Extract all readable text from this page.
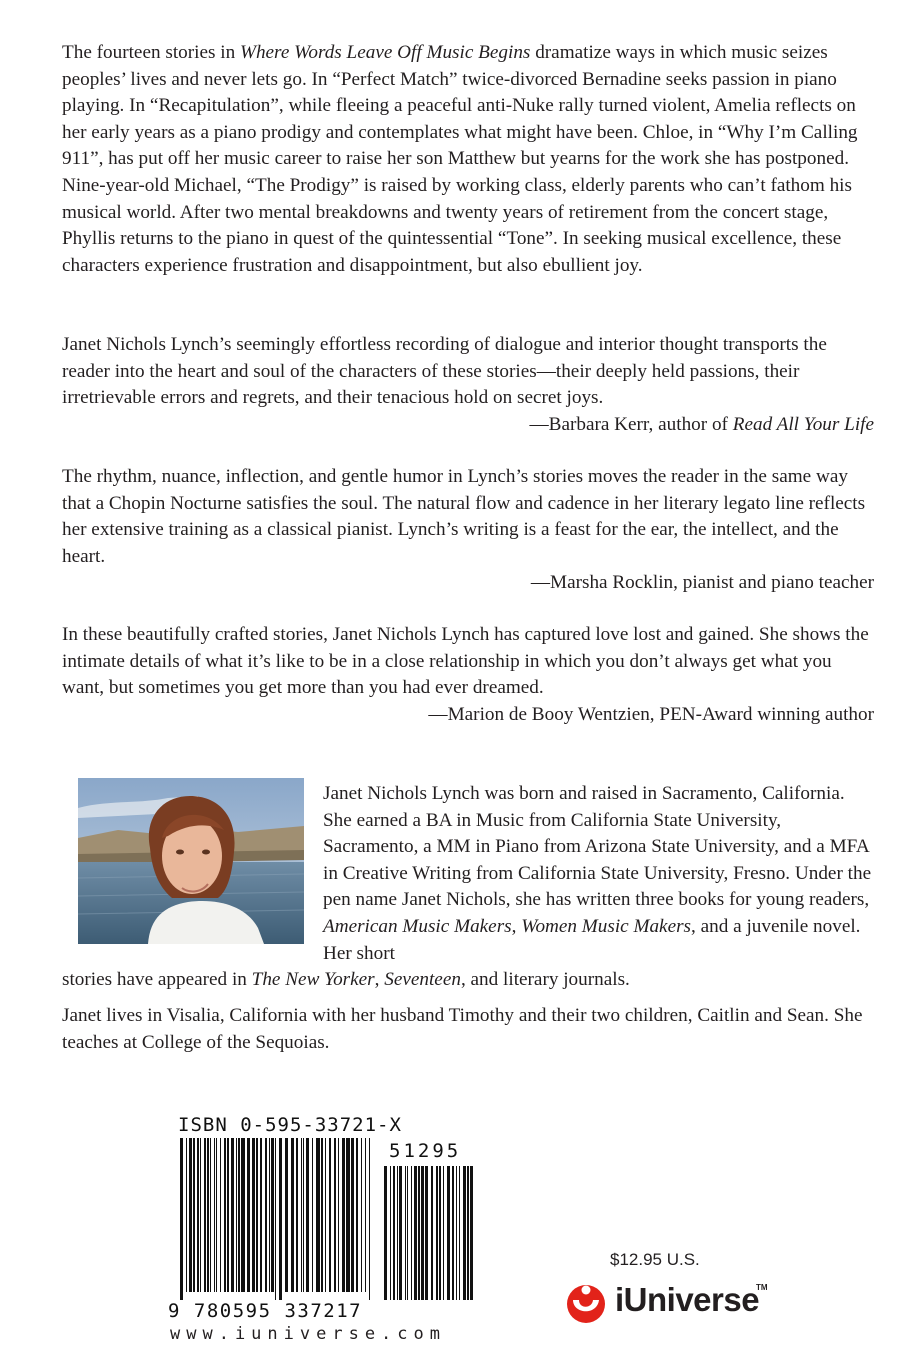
The fourteen stories in Where Words Leave Off Music Begins dramatize ways in which music seizes peoples’ lives and never lets go. In “Perfect Match” twice-divorced Bernadine seeks passion in piano playing. In “Recapitulation”, while fleeing a peaceful anti-Nuke rally turned violent, Amelia reflects on her early years as a piano prodigy and contemplates what might have been. Chloe, in “Why I’m Calling 911”, has put off her music career to raise her son Matthew but yearns for the work she has postponed. Nine-year-old Michael, “The Prodigy” is raised by working class, elderly parents who can’t fathom his musical world. After two mental breakdowns and twenty years of retirement from the concert stage, Phyllis returns to the piano in quest of the quintessential “Tone”. In seeking musical excellence, these characters experience frustration and disappointment, but also ebullient joy.

Janet Nichols Lynch’s seemingly effortless recording of dialogue and interior thought transports the reader into the heart and soul of the characters of these stories—their deeply held passions, their irretrievable errors and regrets, and their tenacious hold on secret joys.

—Barbara Kerr, author of Read All Your Life

The rhythm, nuance, inflection, and gentle humor in Lynch’s stories moves the reader in the same way that a Chopin Nocturne satisfies the soul. The natural flow and cadence in her literary legato line reflects her extensive training as a classical pianist. Lynch’s writing is a feast for the ear, the intellect, and the heart.

—Marsha Rocklin, pianist and piano teacher

In these beautifully crafted stories, Janet Nichols Lynch has captured love lost and gained. She shows the intimate details of what it’s like to be in a close relationship in which you don’t always get what you want, but sometimes you get more than you had ever dreamed.

—Marion de Booy Wentzien, PEN-Award winning author

Janet Nichols Lynch was born and raised in Sacramento, California. She earned a BA in Music from California State University, Sacramento, a MM in Piano from Arizona State University, and a MFA in Creative Writing from California State University, Fresno. Under the pen name Janet Nichols, she has written three books for young readers, American Music Makers, Women Music Makers, and a juvenile novel. Her short

stories have appeared in The New Yorker, Seventeen, and literary journals.

Janet lives in Visalia, California with her husband Timothy and their two children, Caitlin and Sean. She teaches at College of the Sequoias.

ISBN 0-595-33721-X
51295
9 780595 337217
www.iuniverse.com
$12.95 U.S.
iUniverse
TM
